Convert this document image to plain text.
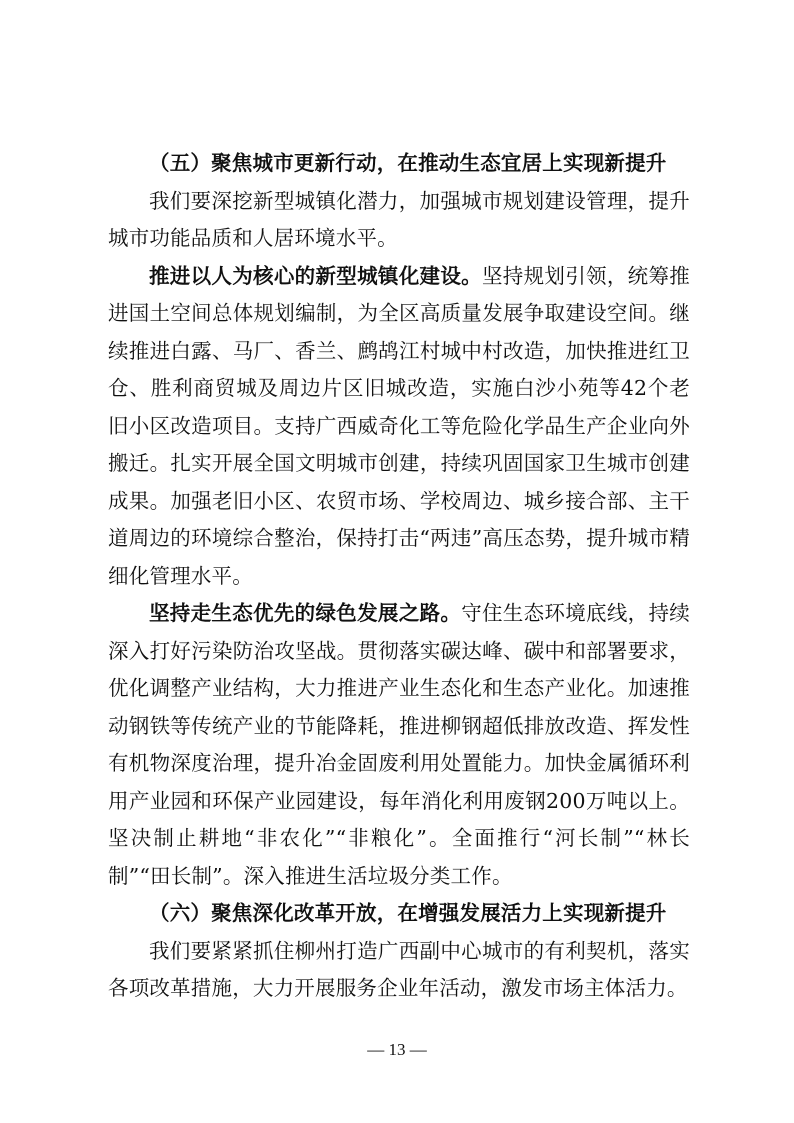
（五）聚焦城市更新行动，在推动生态宜居上实现新提升

我们要深挖新型城镇化潜力，加强城市规划建设管理，提升城市功能品质和人居环境水平。

推进以人为核心的新型城镇化建设。坚持规划引领，统筹推进国土空间总体规划编制，为全区高质量发展争取建设空间。继续推进白露、马厂、香兰、鹧鸪江村城中村改造，加快推进红卫仓、胜利商贸城及周边片区旧城改造，实施白沙小苑等42个老旧小区改造项目。支持广西威奇化工等危险化学品生产企业向外搬迁。扎实开展全国文明城市创建，持续巩固国家卫生城市创建成果。加强老旧小区、农贸市场、学校周边、城乡接合部、主干道周边的环境综合整治，保持打击“两违”高压态势，提升城市精细化管理水平。

坚持走生态优先的绿色发展之路。守住生态环境底线，持续深入打好污染防治攻坚战。贯彻落实碳达峰、碳中和部署要求，优化调整产业结构，大力推进产业生态化和生态产业化。加速推动钢铁等传统产业的节能降耗，推进柳钢超低排放改造、挥发性有机物深度治理，提升冶金固废利用处置能力。加快金属循环利用产业园和环保产业园建设，每年消化利用废钢200万吨以上。坚决制止耕地“非农化”“非粮化”。全面推行“河长制”“林长制”“田长制”。深入推进生活垃圾分类工作。

（六）聚焦深化改革开放，在增强发展活力上实现新提升

我们要紧紧抓住柳州打造广西副中心城市的有利契机，落实各项改革措施，大力开展服务企业年活动，激发市场主体活力。

— 13 —
